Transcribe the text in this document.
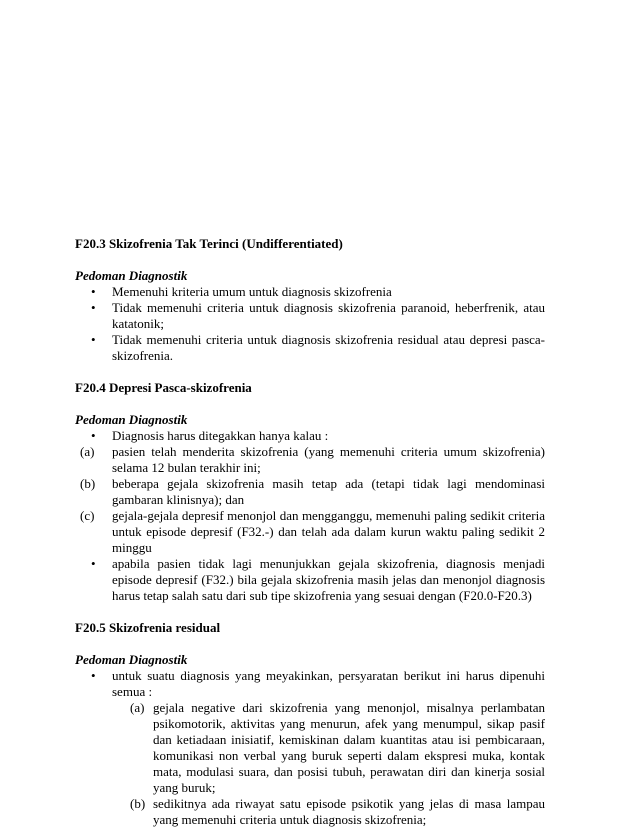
F20.3 Skizofrenia Tak Terinci (Undifferentiated)

Pedoman Diagnostik

•	Memenuhi kriteria umum untuk diagnosis skizofrenia
•	Tidak memenuhi criteria untuk diagnosis skizofrenia paranoid, heberfrenik, atau katatonik;
•	Tidak memenuhi criteria untuk diagnosis skizofrenia residual atau depresi pasca-skizofrenia.

F20.4 Depresi Pasca-skizofrenia

Pedoman Diagnostik

•	Diagnosis harus ditegakkan hanya kalau :
(a)	pasien telah menderita skizofrenia (yang memenuhi criteria umum skizofrenia) selama 12 bulan terakhir ini;
(b)	beberapa gejala skizofrenia masih tetap ada (tetapi tidak lagi mendominasi gambaran klinisnya); dan
(c)	gejala-gejala depresif menonjol dan mengganggu, memenuhi paling sedikit criteria untuk episode depresif (F32.-) dan telah ada dalam kurun waktu paling sedikit 2 minggu
•	apabila pasien tidak lagi menunjukkan gejala skizofrenia, diagnosis menjadi episode depresif (F32.) bila gejala skizofrenia masih jelas dan menonjol diagnosis harus tetap salah satu dari sub tipe skizofrenia yang sesuai dengan (F20.0-F20.3)

F20.5 Skizofrenia residual

Pedoman Diagnostik

•	untuk suatu diagnosis yang meyakinkan, persyaratan berikut ini harus dipenuhi semua :
(a) gejala negative dari skizofrenia yang menonjol, misalnya perlambatan psikomotorik, aktivitas yang menurun, afek yang menumpul, sikap pasif dan ketiadaan inisiatif, kemiskinan dalam kuantitas atau isi pembicaraan, komunikasi non verbal yang buruk seperti dalam ekspresi muka, kontak mata, modulasi suara, dan posisi tubuh, perawatan diri dan kinerja sosial yang buruk;
(b) sedikitnya ada riwayat satu episode psikotik yang jelas di masa lampau yang memenuhi criteria untuk diagnosis skizofrenia;
